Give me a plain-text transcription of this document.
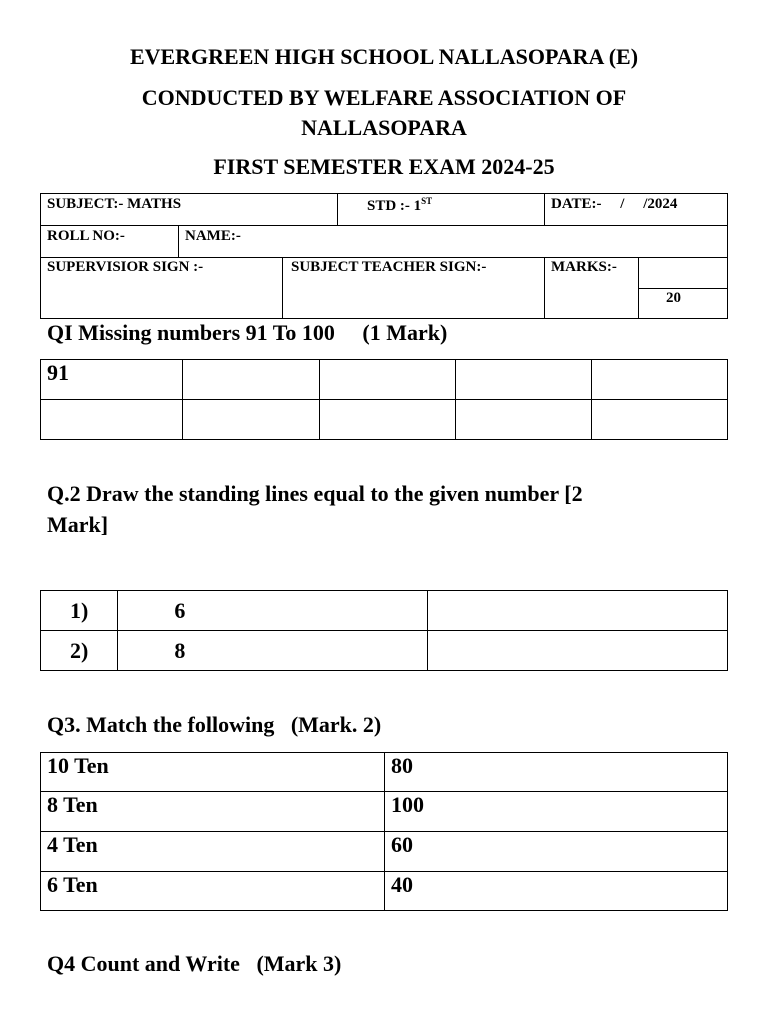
EVERGREEN HIGH SCHOOL NALLASOPARA (E)
CONDUCTED BY WELFARE ASSOCIATION OF
NALLASOPARA
FIRST SEMESTER EXAM 2024-25
SUBJECT:- MATHS	STD :- 1ST	DATE:-     /     /2024
ROLL NO:-	NAME:-
SUPERVISIOR SIGN :-	SUBJECT TEACHER SIGN:-	MARKS:-
20
QI Missing numbers 91 To 100     (1 Mark)
91				

Q.2 Draw the standing lines equal to the given number [2
Mark]
1)	6	
2)	8	
Q3. Match the following   (Mark. 2)
10 Ten	80
8 Ten	100
4 Ten	60
6 Ten	40
Q4 Count and Write   (Mark 3)
